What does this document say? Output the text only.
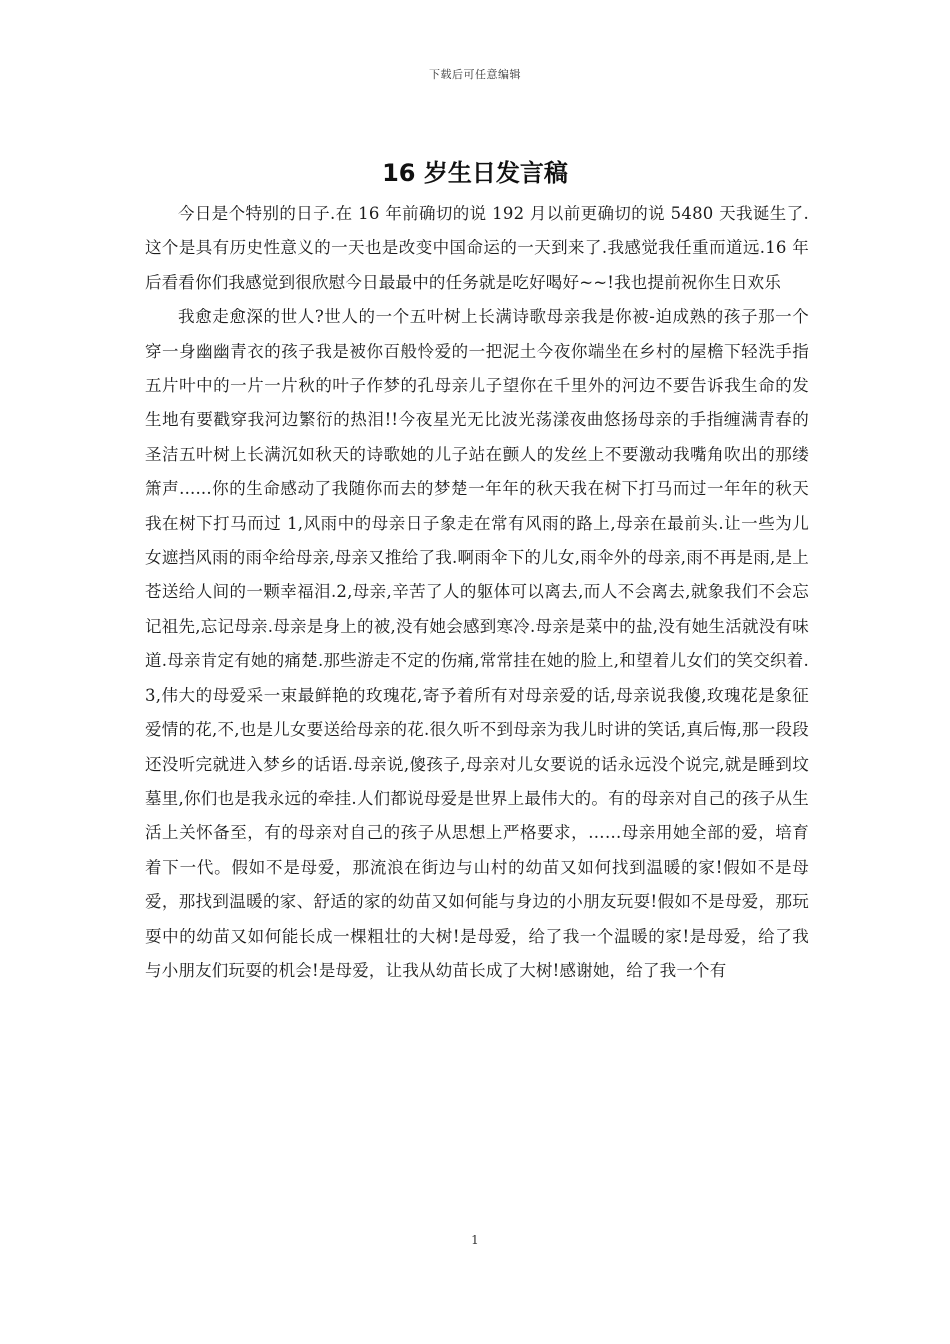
下载后可任意编辑
16 岁生日发言稿

今日是个特别的日子.在 16 年前确切的说 192 月以前更确切的说 5480 天我诞生了.这个是具有历史性意义的一天也是改变中国命运的一天到来了.我感觉我任重而道远.16 年后看看你们我感觉到很欣慰今日最最中的任务就是吃好喝好~~!我也提前祝你生日欢乐

我愈走愈深的世人?世人的一个五叶树上长满诗歌母亲我是你被-迫成熟的孩子那一个穿一身幽幽青衣的孩子我是被你百般怜爱的一把泥土今夜你端坐在乡村的屋檐下轻洗手指五片叶中的一片一片秋的叶子作梦的孔母亲儿子望你在千里外的河边不要告诉我生命的发生地有要戳穿我河边繁衍的热泪!!今夜星光无比波光荡漾夜曲悠扬母亲的手指缠满青春的圣洁五叶树上长满沉如秋天的诗歌她的儿子站在颤人的发丝上不要激动我嘴角吹出的那缕箫声......你的生命感动了我随你而去的梦楚一年年的秋天我在树下打马而过一年年的秋天我在树下打马而过 1,风雨中的母亲日子象走在常有风雨的路上,母亲在最前头.让一些为儿女遮挡风雨的雨伞给母亲,母亲又推给了我.啊雨伞下的儿女,雨伞外的母亲,雨不再是雨,是上苍送给人间的一颗幸福泪.2,母亲,辛苦了人的躯体可以离去,而人不会离去,就象我们不会忘记祖先,忘记母亲.母亲是身上的被,没有她会感到寒冷.母亲是菜中的盐,没有她生活就没有味道.母亲肯定有她的痛楚.那些游走不定的伤痛,常常挂在她的脸上,和望着儿女们的笑交织着.3,伟大的母爱采一束最鲜艳的玫瑰花,寄予着所有对母亲爱的话,母亲说我傻,玫瑰花是象征爱情的花,不,也是儿女要送给母亲的花.很久听不到母亲为我儿时讲的笑话,真后悔,那一段段还没听完就进入梦乡的话语.母亲说,傻孩子,母亲对儿女要说的话永远没个说完,就是睡到坟墓里,你们也是我永远的牵挂.人们都说母爱是世界上最伟大的。有的母亲对自己的孩子从生活上关怀备至，有的母亲对自己的孩子从思想上严格要求，……母亲用她全部的爱，培育着下一代。假如不是母爱，那流浪在街边与山村的幼苗又如何找到温暖的家!假如不是母爱，那找到温暖的家、舒适的家的幼苗又如何能与身边的小朋友玩耍!假如不是母爱，那玩耍中的幼苗又如何能长成一棵粗壮的大树!是母爱，给了我一个温暖的家!是母爱，给了我与小朋友们玩耍的机会!是母爱，让我从幼苗长成了大树!感谢她，给了我一个有

1
